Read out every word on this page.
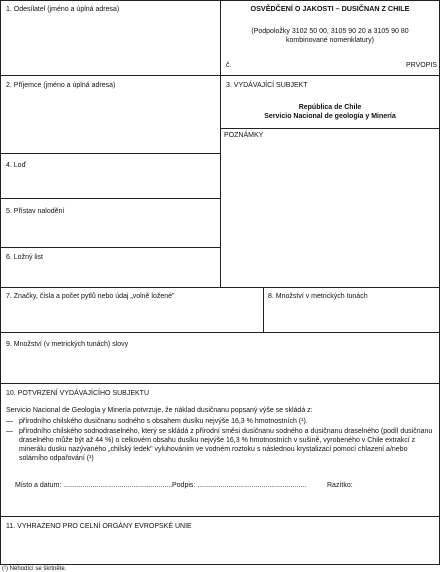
1. Odesílatel (jméno a úplná adresa)	OSVĚDČENÍ O JAKOSTI – DUSIČNAN Z CHILE
(Podpoložky 3102 50 00, 3105 90 20 a 3105 90 80 kombinované nomenklatury)
č.	PRVOPIS
2. Příjemce (jméno a úplná adresa)	3. VYDÁVAJÍCÍ SUBJEKT
República de Chile
Servicio Nacional de geología y Minería
POZNÁMKY
4. Loď
5. Přístav nalodění
6. Ložný list
7. Značky, čísla a počet pytlů nebo údaj „volně ložené"	8. Množství v metrických tunách
9. Množství (v metrických tunách) slovy
10. POTVRZENÍ VYDÁVAJÍCÍHO SUBJEKTU
Servicio Nacional de Geología y Minería potvrzuje, že náklad dusičnanu popsaný výše se skládá z:
— přírodního chilského dusičnanu sodného s obsahem dusíku nejvýše 16,3 % hmotnostních (¹).
— přírodního chilského sodnodraselného, který se skládá z přírodní směsi dusičnanu sodného a dusičnanu draselného (podíl dusičnanu draselného může být až 44 %) o celkovém obsahu dusíku nejvýše 16,3 % hmotnostních v sušině, vyrobeného v Chile extrakcí z minerálu dusku nazývaného „chilský ledek" vyluhováním ve vodném roztoku s následnou krystalizací pomocí chlazení a/nebo solárního odpařování (¹)
Místo a datum: ........................................................ Podpis: ........................................................	Razítko:
11. VYHRAZENO PRO CELNÍ ORGÁNY EVROPSKÉ UNIE
(¹) Nehodící se škrtněte.
